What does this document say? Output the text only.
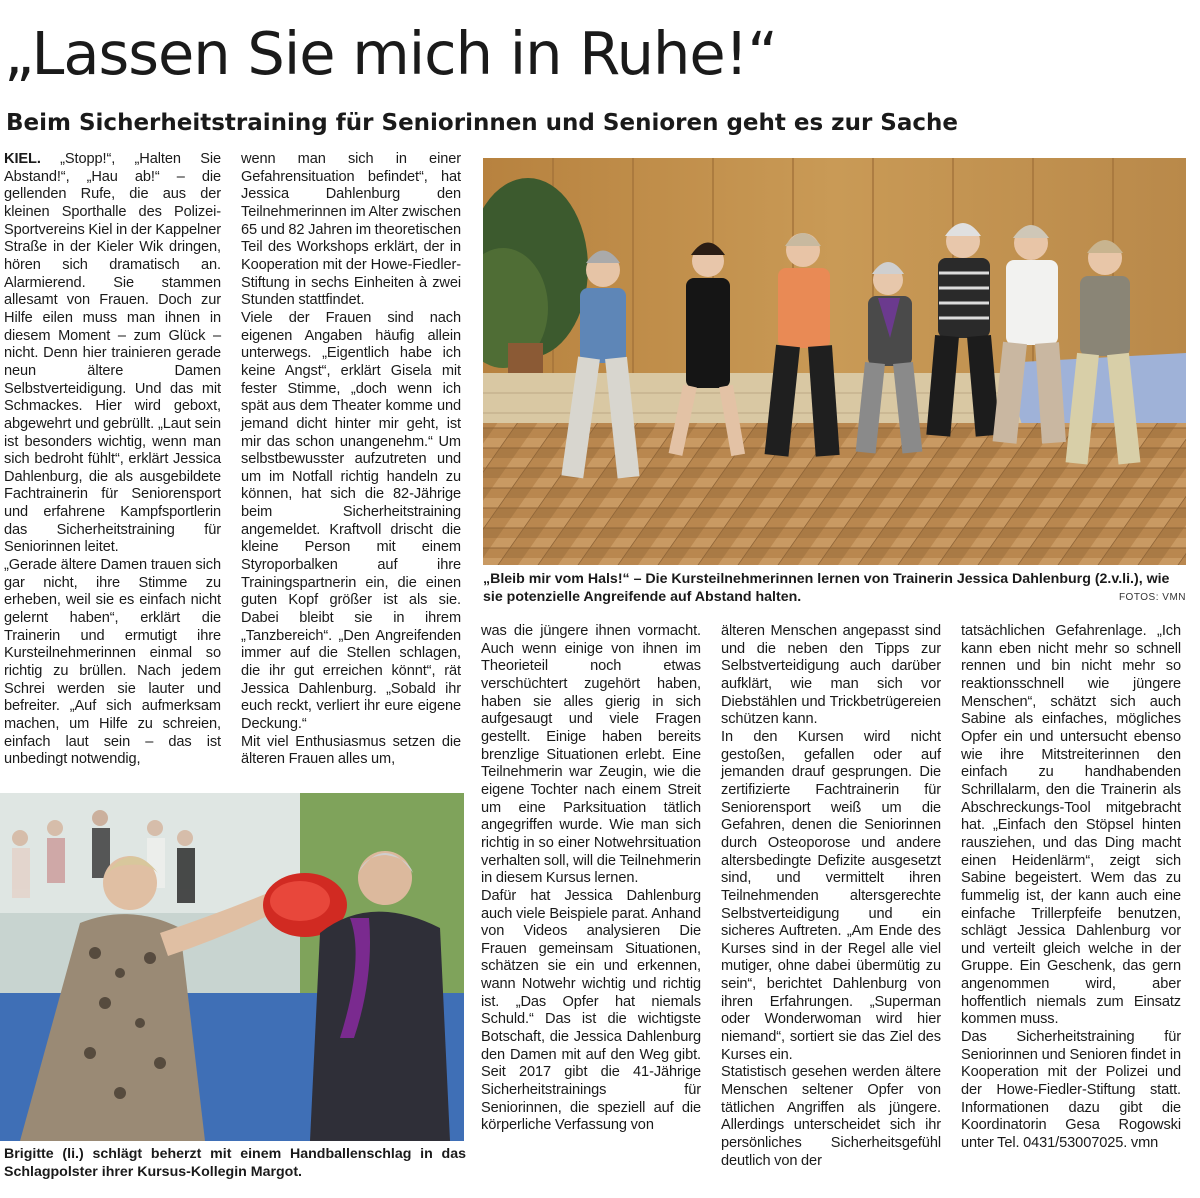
„Lassen Sie mich in Ruhe!“
Beim Sicherheitstraining für Seniorinnen und Senioren geht es zur Sache

KIEL. „Stopp!“, „Halten Sie Abstand!“, „Hau ab!“ – die gellenden Rufe, die aus der kleinen Sporthalle des Polizei-Sportvereins Kiel in der Kappelner Straße in der Kieler Wik dringen, hören sich dramatisch an. Alarmierend. Sie stammen allesamt von Frauen. Doch zur Hilfe eilen muss man ihnen in diesem Moment – zum Glück – nicht. Denn hier trainieren gerade neun ältere Damen Selbstverteidigung. Und das mit Schmackes. Hier wird geboxt, abgewehrt und gebrüllt. „Laut sein ist besonders wichtig, wenn man sich bedroht fühlt“, erklärt Jessica Dahlenburg, die als ausgebildete Fachtrainerin für Seniorensport und erfahrene Kampfsportlerin das Sicherheitstraining für Seniorinnen leitet.

„Gerade ältere Damen trauen sich gar nicht, ihre Stimme zu erheben, weil sie es einfach nicht gelernt haben“, erklärt die Trainerin und ermutigt ihre Kursteilnehmerinnen einmal so richtig zu brüllen. Nach jedem Schrei werden sie lauter und befreiter. „Auf sich aufmerksam machen, um Hilfe zu schreien, einfach laut sein – das ist unbedingt notwendig,

wenn man sich in einer Gefahrensituation befindet“, hat Jessica Dahlenburg den Teilnehmerinnen im Alter zwischen 65 und 82 Jahren im theoretischen Teil des Workshops erklärt, der in Kooperation mit der Howe-Fiedler-Stiftung in sechs Einheiten à zwei Stunden stattfindet.

Viele der Frauen sind nach eigenen Angaben häufig allein unterwegs. „Eigentlich habe ich keine Angst“, erklärt Gisela mit fester Stimme, „doch wenn ich spät aus dem Theater komme und jemand dicht hinter mir geht, ist mir das schon unangenehm.“ Um selbstbewusster aufzutreten und um im Notfall richtig handeln zu können, hat sich die 82-Jährige beim Sicherheitstraining angemeldet. Kraftvoll drischt die kleine Person mit einem Styroporbalken auf ihre Trainingspartnerin ein, die einen guten Kopf größer ist als sie. Dabei bleibt sie in ihrem „Tanzbereich“. „Den Angreifenden immer auf die Stellen schlagen, die ihr gut erreichen könnt“, rät Jessica Dahlenburg. „Sobald ihr euch reckt, verliert ihr eure eigene Deckung.“

Mit viel Enthusiasmus setzen die älteren Frauen alles um,

„Bleib mir vom Hals!“ – Die Kursteilnehmerinnen lernen von Trainerin Jessica Dahlenburg (2.v.li.), wie sie potenzielle Angreifende auf Abstand halten.	FOTOS: VMN

was die jüngere ihnen vormacht. Auch wenn einige von ihnen im Theorieteil noch etwas verschüchtert zugehört haben, haben sie alles gierig in sich aufgesaugt und viele Fragen gestellt. Einige haben bereits brenzlige Situationen erlebt. Eine Teilnehmerin war Zeugin, wie die eigene Tochter nach einem Streit um eine Parksituation tätlich angegriffen wurde. Wie man sich richtig in so einer Notwehrsituation verhalten soll, will die Teilnehmerin in diesem Kursus lernen.

Dafür hat Jessica Dahlenburg auch viele Beispiele parat. Anhand von Videos analysieren Die Frauen gemeinsam Situationen, schätzen sie ein und erkennen, wann Notwehr wichtig und richtig ist. „Das Opfer hat niemals Schuld.“ Das ist die wichtigste Botschaft, die Jessica Dahlenburg den Damen mit auf den Weg gibt. Seit 2017 gibt die 41-Jährige Sicherheitstrainings für Seniorinnen, die speziell auf die körperliche Verfassung von

älteren Menschen angepasst sind und die neben den Tipps zur Selbstverteidigung auch darüber aufklärt, wie man sich vor Diebstählen und Trickbetrügereien schützen kann.

In den Kursen wird nicht gestoßen, gefallen oder auf jemanden drauf gesprungen. Die zertifizierte Fachtrainerin für Seniorensport weiß um die Gefahren, denen die Seniorinnen durch Osteoporose und andere altersbedingte Defizite ausgesetzt sind, und vermittelt ihren Teilnehmenden altersgerechte Selbstverteidigung und ein sicheres Auftreten. „Am Ende des Kurses sind in der Regel alle viel mutiger, ohne dabei übermütig zu sein“, berichtet Dahlenburg von ihren Erfahrungen. „Superman oder Wonderwoman wird hier niemand“, sortiert sie das Ziel des Kurses ein.

Statistisch gesehen werden ältere Menschen seltener Opfer von tätlichen Angriffen als jüngere. Allerdings unterscheidet sich ihr persönliches Sicherheitsgefühl deutlich von der

tatsächlichen Gefahrenlage. „Ich kann eben nicht mehr so schnell rennen und bin nicht mehr so reaktionsschnell wie jüngere Menschen“, schätzt sich auch Sabine als einfaches, mögliches Opfer ein und untersucht ebenso wie ihre Mitstreiterinnen den einfach zu handhabenden Schrillalarm, den die Trainerin als Abschreckungs-Tool mitgebracht hat. „Einfach den Stöpsel hinten rausziehen, und das Ding macht einen Heidenlärm“, zeigt sich Sabine begeistert. Wem das zu fummelig ist, der kann auch eine einfache Trillerpfeife benutzen, schlägt Jessica Dahlenburg vor und verteilt gleich welche in der Gruppe. Ein Geschenk, das gern angenommen wird, aber hoffentlich niemals zum Einsatz kommen muss.

Das Sicherheitstraining für Seniorinnen und Senioren findet in Kooperation mit der Polizei und der Howe-Fiedler-Stiftung statt. Informationen dazu gibt die Koordinatorin Gesa Rogowski unter Tel. 0431/53007025. vmn

Brigitte (li.) schlägt beherzt mit einem Handballenschlag in das Schlagpolster ihrer Kursus-Kollegin Margot.
